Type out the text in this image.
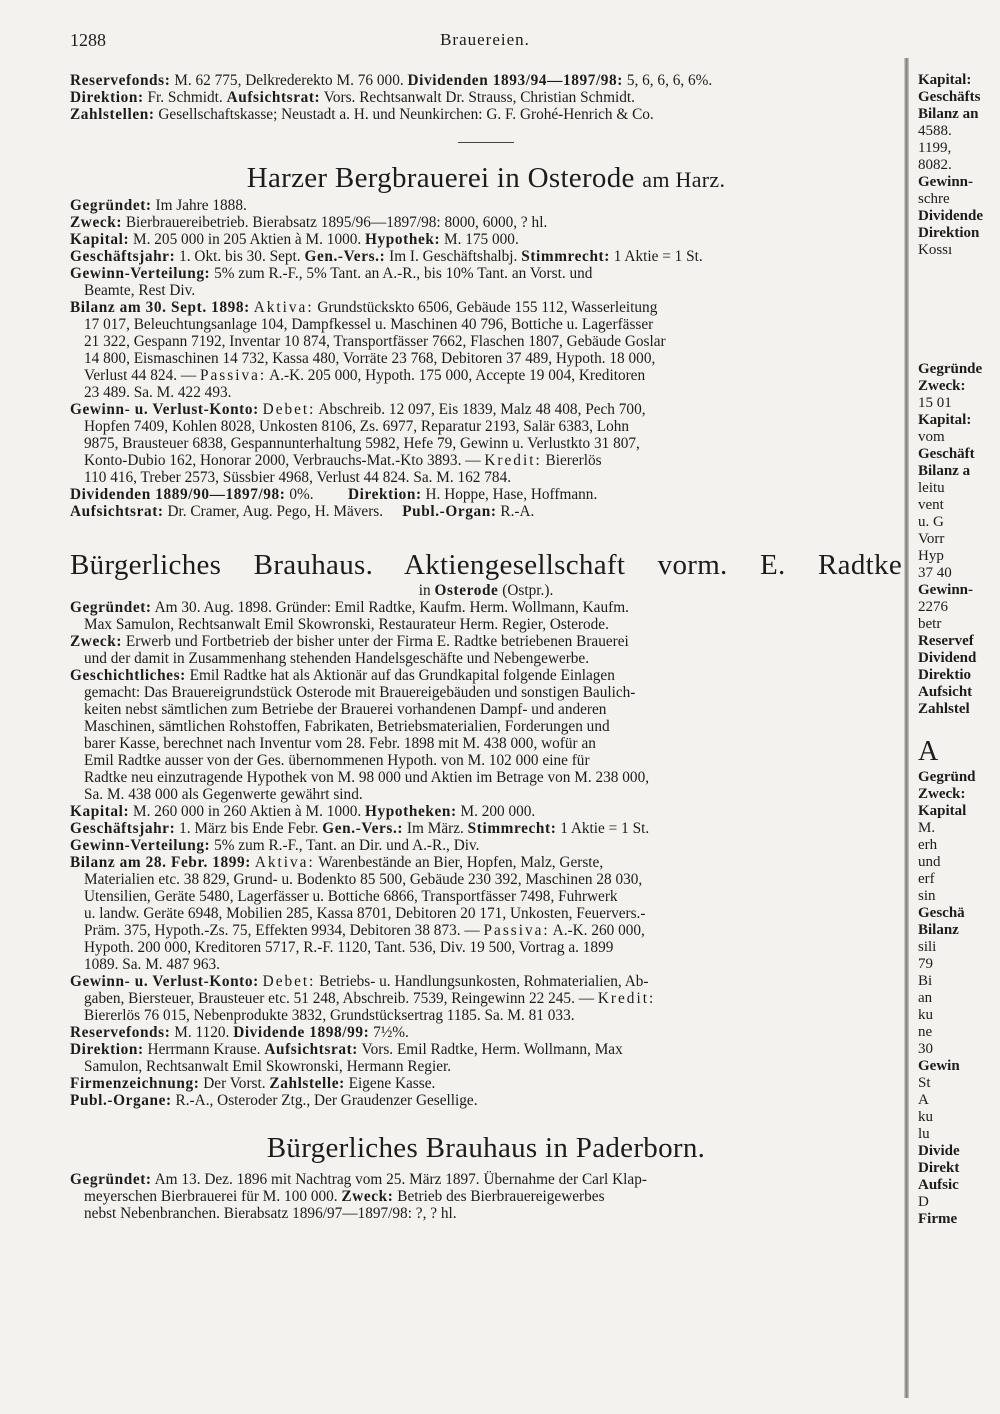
1288	Brauereien.
Reservefonds: M. 62 775, Delkrederekto M. 76 000. Dividenden 1893/94—1897/98: 5, 6, 6, 6, 6%.
Direktion: Fr. Schmidt. Aufsichtsrat: Vors. Rechtsanwalt Dr. Strauss, Christian Schmidt.
Zahlstellen: Gesellschaftskasse; Neustadt a. H. und Neunkirchen: G. F. Grohé-Henrich & Co.
Harzer Bergbrauerei in Osterode am Harz.
Gegründet: Im Jahre 1888.
Zweck: Bierbrauereibetrieb. Bierabsatz 1895/96—1897/98: 8000, 6000, ? hl.
Kapital: M. 205 000 in 205 Aktien à M. 1000. Hypothek: M. 175 000.
Geschäftsjahr: 1. Okt. bis 30. Sept. Gen.-Vers.: Im I. Geschäftshalbj. Stimmrecht: 1 Aktie = 1 St.
Gewinn-Verteilung: 5% zum R.-F., 5% Tant. an A.-R., bis 10% Tant. an Vorst. und
Beamte, Rest Div.
Bilanz am 30. Sept. 1898: Aktiva: Grundstückskto 6506, Gebäude 155 112, Wasserleitung
17 017, Beleuchtungsanlage 104, Dampfkessel u. Maschinen 40 796, Bottiche u. Lagerfässer
21 322, Gespann 7192, Inventar 10 874, Transportfässer 7662, Flaschen 1807, Gebäude Goslar
14 800, Eismaschinen 14 732, Kassa 480, Vorräte 23 768, Debitoren 37 489, Hypoth. 18 000,
Verlust 44 824. — Passiva: A.-K. 205 000, Hypoth. 175 000, Accepte 19 004, Kreditoren
23 489. Sa. M. 422 493.
Gewinn- u. Verlust-Konto: Debet: Abschreib. 12 097, Eis 1839, Malz 48 408, Pech 700,
Hopfen 7409, Kohlen 8028, Unkosten 8106, Zs. 6977, Reparatur 2193, Salär 6383, Lohn
9875, Brausteuer 6838, Gespannunterhaltung 5982, Hefe 79, Gewinn u. Verlustkto 31 807,
Konto-Dubio 162, Honorar 2000, Verbrauchs-Mat.-Kto 3893. — Kredit: Biererlös
110 416, Treber 2573, Süssbier 4968, Verlust 44 824. Sa. M. 162 784.
Dividenden 1889/90—1897/98: 0%. Direktion: H. Hoppe, Hase, Hoffmann.
Aufsichtsrat: Dr. Cramer, Aug. Pego, H. Mävers. Publ.-Organ: R.-A.
Bürgerliches Brauhaus. Aktiengesellschaft vorm. E. Radtke
in Osterode (Ostpr.).
Gegründet: Am 30. Aug. 1898. Gründer: Emil Radtke, Kaufm. Herm. Wollmann, Kaufm.
Max Samulon, Rechtsanwalt Emil Skowronski, Restaurateur Herm. Regier, Osterode.
Zweck: Erwerb und Fortbetrieb der bisher unter der Firma E. Radtke betriebenen Brauerei
und der damit in Zusammenhang stehenden Handelsgeschäfte und Nebengewerbe.
Geschichtliches: Emil Radtke hat als Aktionär auf das Grundkapital folgende Einlagen
gemacht: Das Brauereigrundstück Osterode mit Brauereigebäuden und sonstigen Baulich-
keiten nebst sämtlichen zum Betriebe der Brauerei vorhandenen Dampf- und anderen
Maschinen, sämtlichen Rohstoffen, Fabrikaten, Betriebsmaterialien, Forderungen und
barer Kasse, berechnet nach Inventur vom 28. Febr. 1898 mit M. 438 000, wofür an
Emil Radtke ausser von der Ges. übernommenen Hypoth. von M. 102 000 eine für
Radtke neu einzutragende Hypothek von M. 98 000 und Aktien im Betrage von M. 238 000,
Sa. M. 438 000 als Gegenwerte gewährt sind.
Kapital: M. 260 000 in 260 Aktien à M. 1000. Hypotheken: M. 200 000.
Geschäftsjahr: 1. März bis Ende Febr. Gen.-Vers.: Im März. Stimmrecht: 1 Aktie = 1 St.
Gewinn-Verteilung: 5% zum R.-F., Tant. an Dir. und A.-R., Div.
Bilanz am 28. Febr. 1899: Aktiva: Warenbestände an Bier, Hopfen, Malz, Gerste,
Materialien etc. 38 829, Grund- u. Bodenkto 85 500, Gebäude 230 392, Maschinen 28 030,
Utensilien, Geräte 5480, Lagerfässer u. Bottiche 6866, Transportfässer 7498, Fuhrwerk
u. landw. Geräte 6948, Mobilien 285, Kassa 8701, Debitoren 20 171, Unkosten, Feuervers.-
Präm. 375, Hypoth.-Zs. 75, Effekten 9934, Debitoren 38 873. — Passiva: A.-K. 260 000,
Hypoth. 200 000, Kreditoren 5717, R.-F. 1120, Tant. 536, Div. 19 500, Vortrag a. 1899
1089. Sa. M. 487 963.
Gewinn- u. Verlust-Konto: Debet: Betriebs- u. Handlungsunkosten, Rohmaterialien, Ab-
gaben, Biersteuer, Brausteuer etc. 51 248, Abschreib. 7539, Reingewinn 22 245. — Kredit:
Biererlös 76 015, Nebenprodukte 3832, Grundstücksertrag 1185. Sa. M. 81 033.
Reservefonds: M. 1120. Dividende 1898/99: 7½%.
Direktion: Herrmann Krause. Aufsichtsrat: Vors. Emil Radtke, Herm. Wollmann, Max
Samulon, Rechtsanwalt Emil Skowronski, Hermann Regier.
Firmenzeichnung: Der Vorst. Zahlstelle: Eigene Kasse.
Publ.-Organe: R.-A., Osteroder Ztg., Der Graudenzer Gesellige.
Bürgerliches Brauhaus in Paderborn.
Gegründet: Am 13. Dez. 1896 mit Nachtrag vom 25. März 1897. Übernahme der Carl Klap-
meyerschen Bierbrauerei für M. 100 000. Zweck: Betrieb des Bierbrauereigewerbes
nebst Nebenbranchen. Bierabsatz 1896/97—1897/98: ?, ? hl.
Kapital:
Geschäfts
Bilanz an
4588.
1199,
8082.
Gewinn-
schre
Dividende
Direktion
Kossı
Gegründe
Zweck:
15 01
Kapital:
vom
Geschäft
Bilanz a
leitu
vent
u. G
Vorr
Hyp
37 40
Gewinn-
2276
betr
Reservef
Dividend
Direktio
Aufsicht
Zahlstel
A
Gegründ
Zweck:
Kapital
M.
erh
und
erf
sin
Geschä
Bilanz
sili
79
Bi
an
ku
ne
30
Gewin
St
A
ku
lu
Divide
Direkt
Aufsic
D
Firme
